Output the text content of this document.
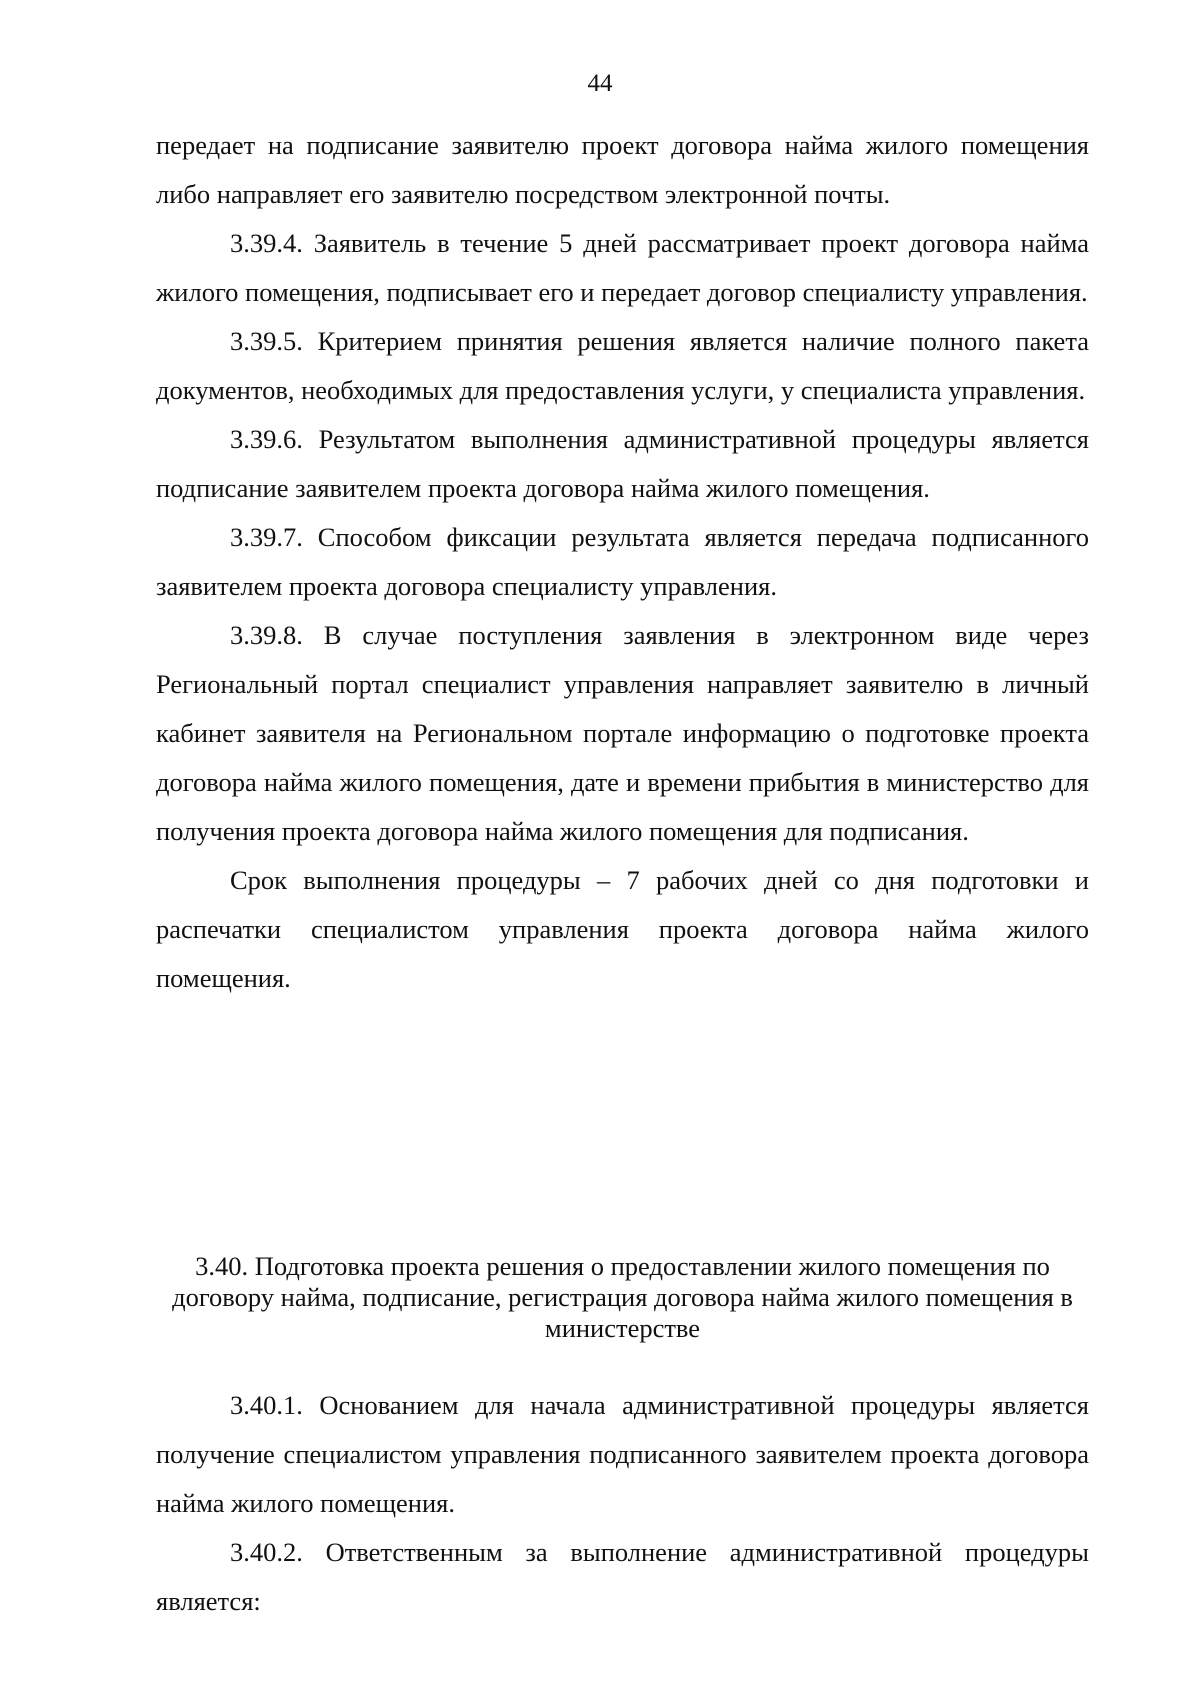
44

передает на подписание заявителю проект договора найма жилого помещения либо направляет его заявителю посредством электронной почты.

3.39.4. Заявитель в течение 5 дней рассматривает проект договора найма жилого помещения, подписывает его и передает договор специалисту управления.

3.39.5. Критерием принятия решения является наличие полного пакета документов, необходимых для предоставления услуги, у специалиста управления.

3.39.6. Результатом выполнения административной процедуры является подписание заявителем проекта договора найма жилого помещения.

3.39.7. Способом фиксации результата является передача подписанного заявителем проекта договора специалисту управления.

3.39.8. В случае поступления заявления в электронном виде через Региональный портал специалист управления направляет заявителю в личный кабинет заявителя на Региональном портале информацию о подготовке проекта договора найма жилого помещения, дате и времени прибытия в министерство для получения проекта договора найма жилого помещения для подписания.

Срок выполнения процедуры – 7 рабочих дней со дня подготовки и распечатки специалистом управления проекта договора найма жилого помещения.

3.40. Подготовка проекта решения о предоставлении жилого помещения по договору найма, подписание, регистрация договора найма жилого помещения в министерстве

3.40.1. Основанием для начала административной процедуры является получение специалистом управления подписанного заявителем проекта договора найма жилого помещения.

3.40.2. Ответственным за выполнение административной процедуры является:
